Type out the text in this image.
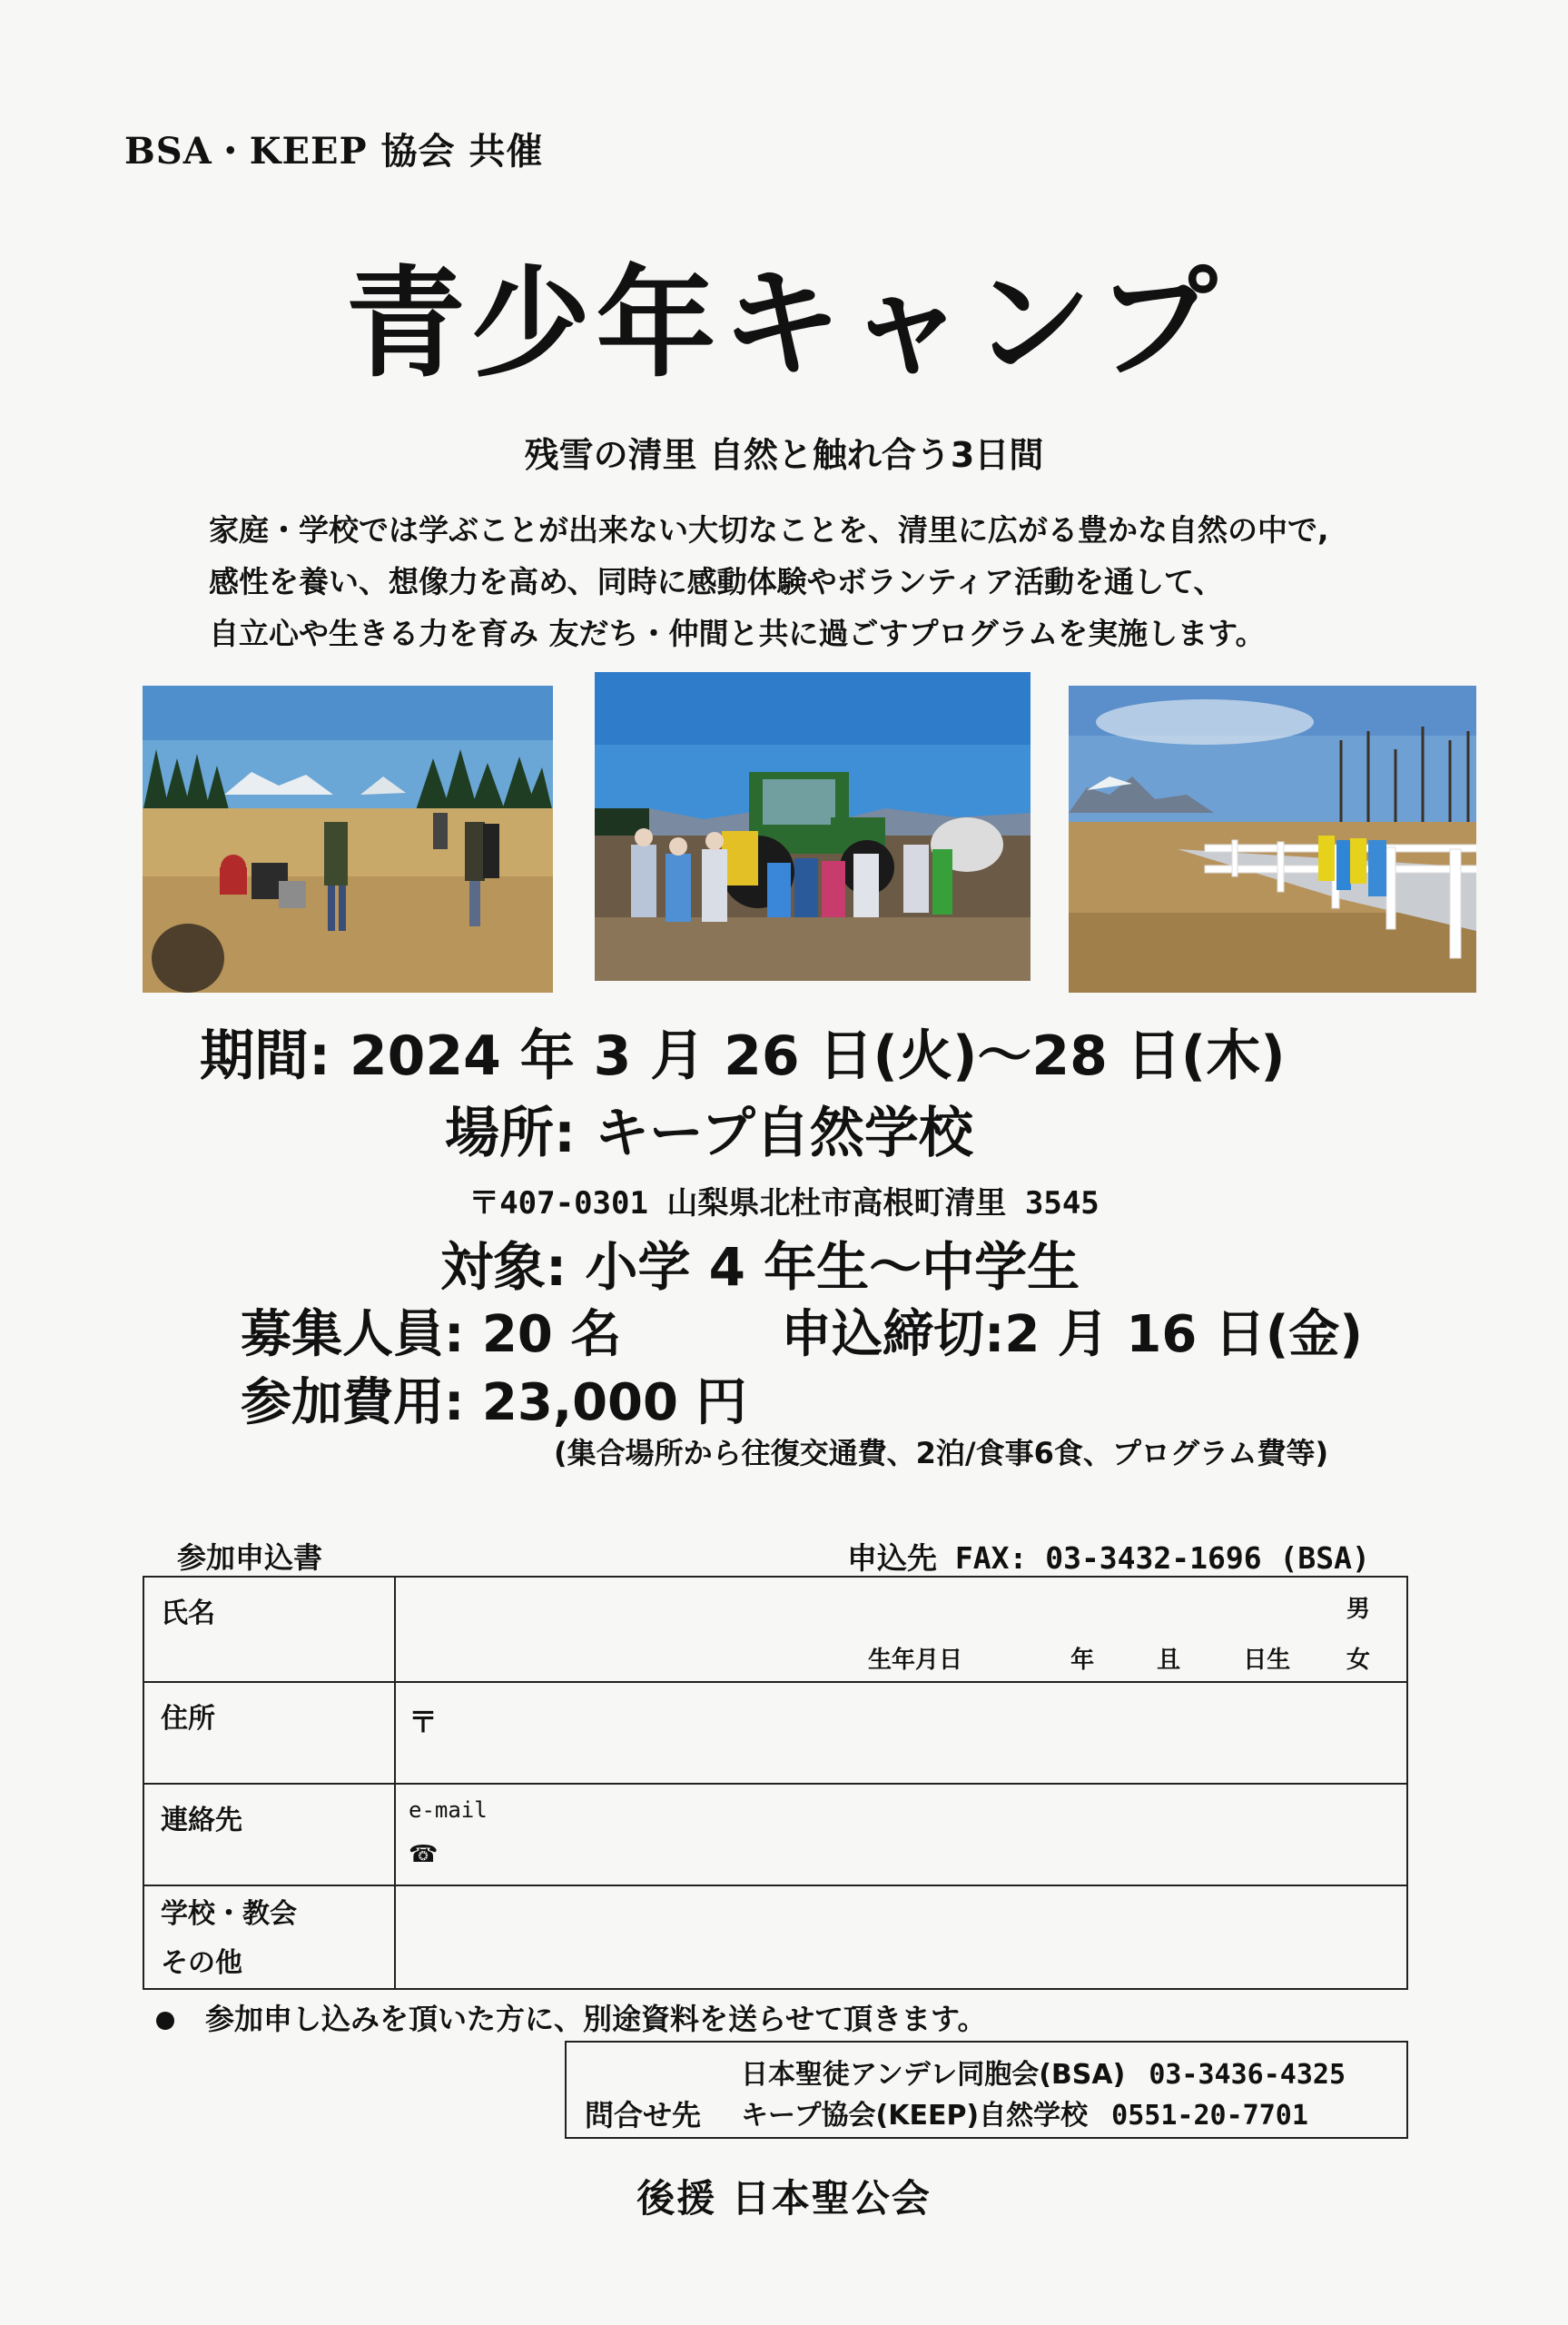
BSA・KEEP 協会 共催
青少年キャンプ
残雪の清里 自然と触れ合う3日間
家庭・学校では学ぶことが出来ない大切なことを、清里に広がる豊かな自然の中で,
感性を養い、想像力を高め、同時に感動体験やボランティア活動を通して、
自立心や生きる力を育み 友だち・仲間と共に過ごすプログラムを実施します。
期間: 2024 年 3 月 26 日(火)～28 日(木)
場所: キープ自然学校
〒407-0301 山梨県北杜市高根町清里 3545
対象: 小学 4 年生～中学生
募集人員: 20 名	申込締切:2 月 16 日(金)
参加費用: 23,000 円
(集合場所から往復交通費、2泊/食事6食、プログラム費等)
参加申込書	申込先 FAX: 03-3432-1696 (BSA)
氏名	男
生年月日 年 且 日生 女

住所	〒

連絡先	e-mail
☎

学校・教会
その他	

参加申し込みを頂いた方に、別途資料を送らせて頂きます。
問合せ先
日本聖徒アンデレ同胞会(BSA) 03-3436-4325
キープ協会(KEEP)自然学校 0551-20-7701
後援 日本聖公会
